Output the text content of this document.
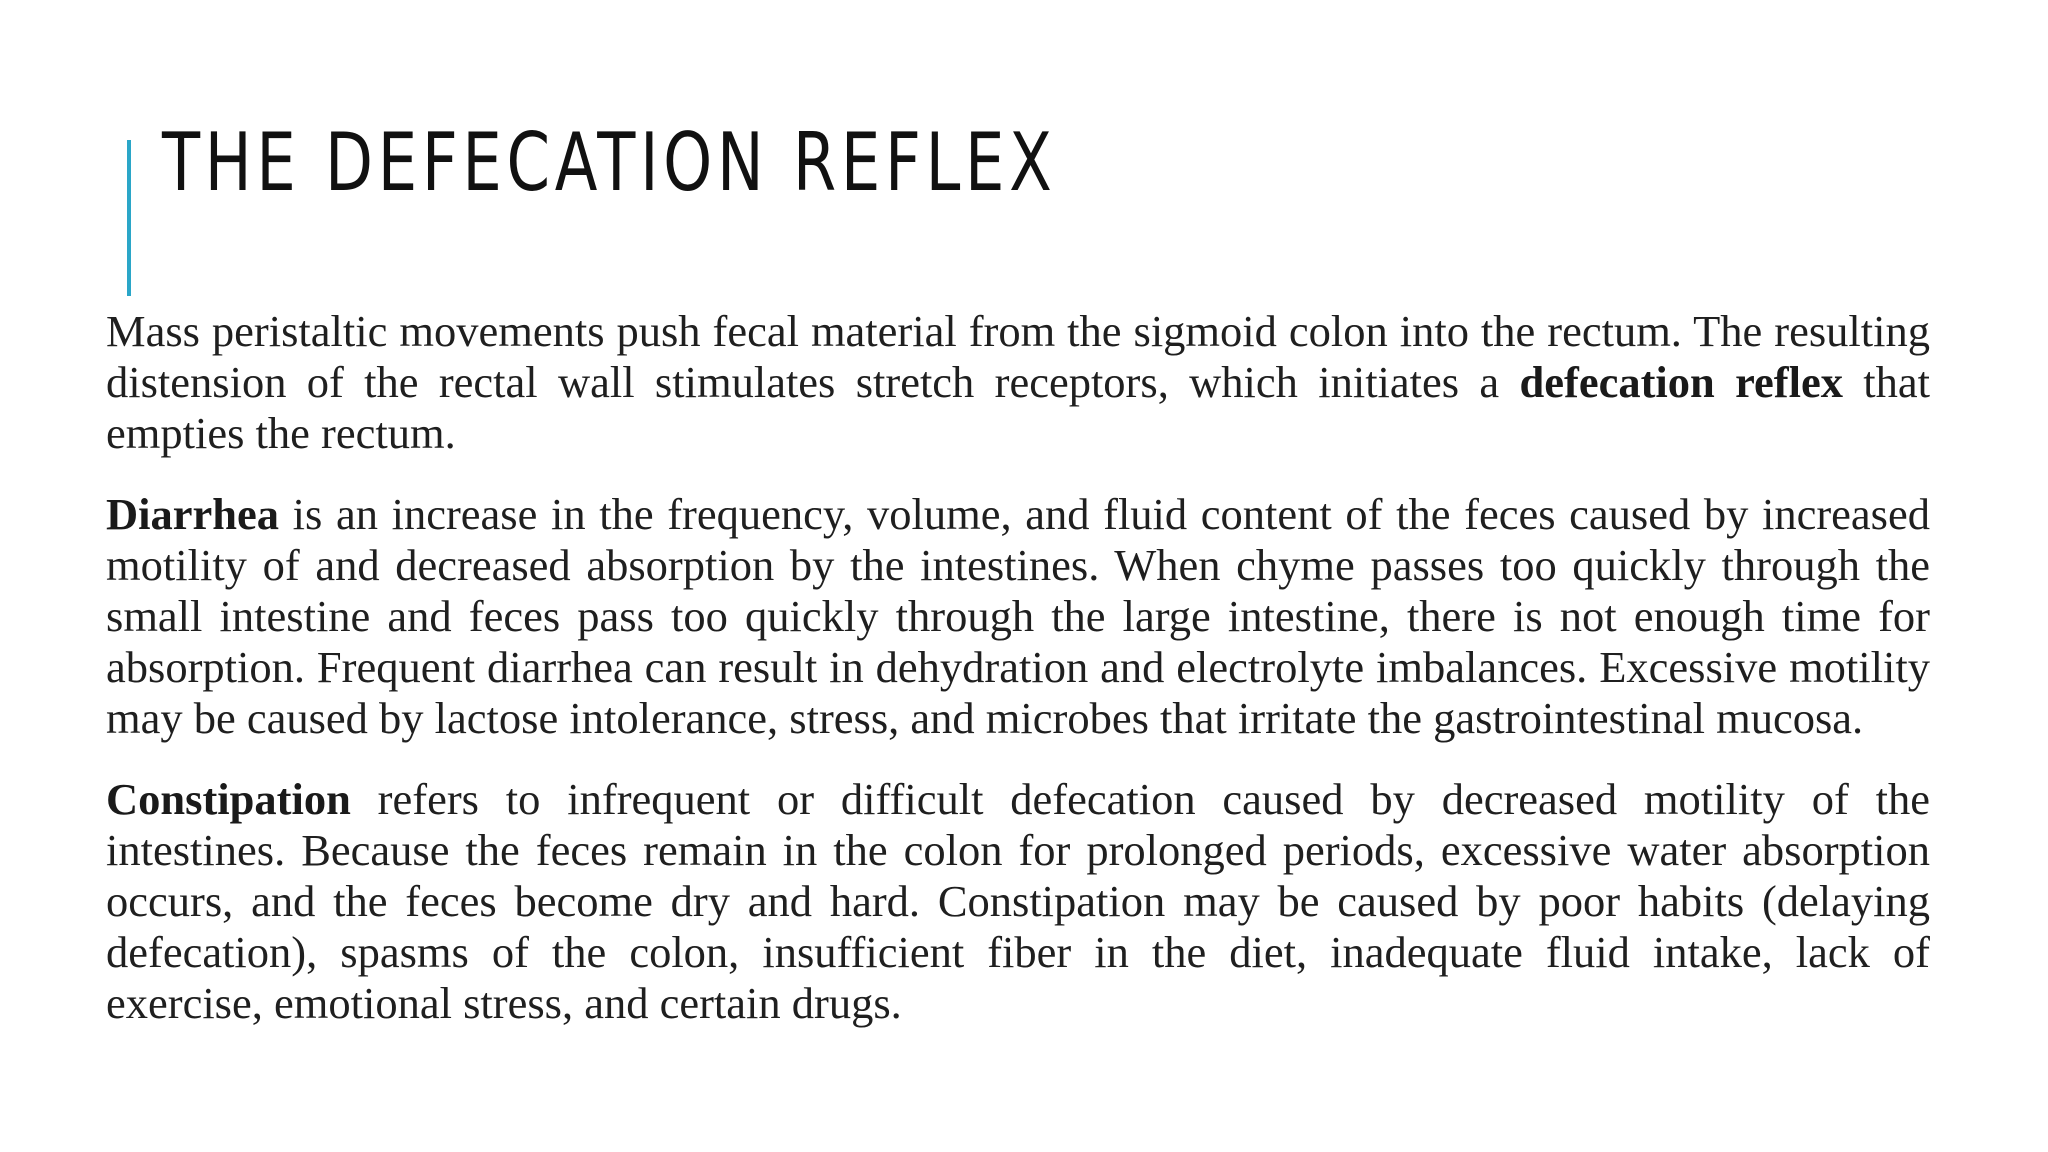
THE DEFECATION REFLEX

Mass peristaltic movements push fecal material from the sigmoid colon into the rectum. The resulting distension of the rectal wall stimulates stretch receptors, which initiates a defecation reflex that empties the rectum.

Diarrhea is an increase in the frequency, volume, and fluid content of the feces caused by increased motility of and decreased absorption by the intestines. When chyme passes too quickly through the small intestine and feces pass too quickly through the large intestine, there is not enough time for absorption. Frequent diarrhea can result in dehydration and electrolyte imbalances. Excessive motility may be caused by lactose intolerance, stress, and microbes that irritate the gastrointestinal mucosa.

Constipation refers to infrequent or difficult defecation caused by decreased motility of the intestines. Because the feces remain in the colon for prolonged periods, excessive water absorption occurs, and the feces become dry and hard. Constipation may be caused by poor habits (delaying defecation), spasms of the colon, insufficient fiber in the diet, inadequate fluid intake, lack of exercise, emotional stress, and certain drugs.
